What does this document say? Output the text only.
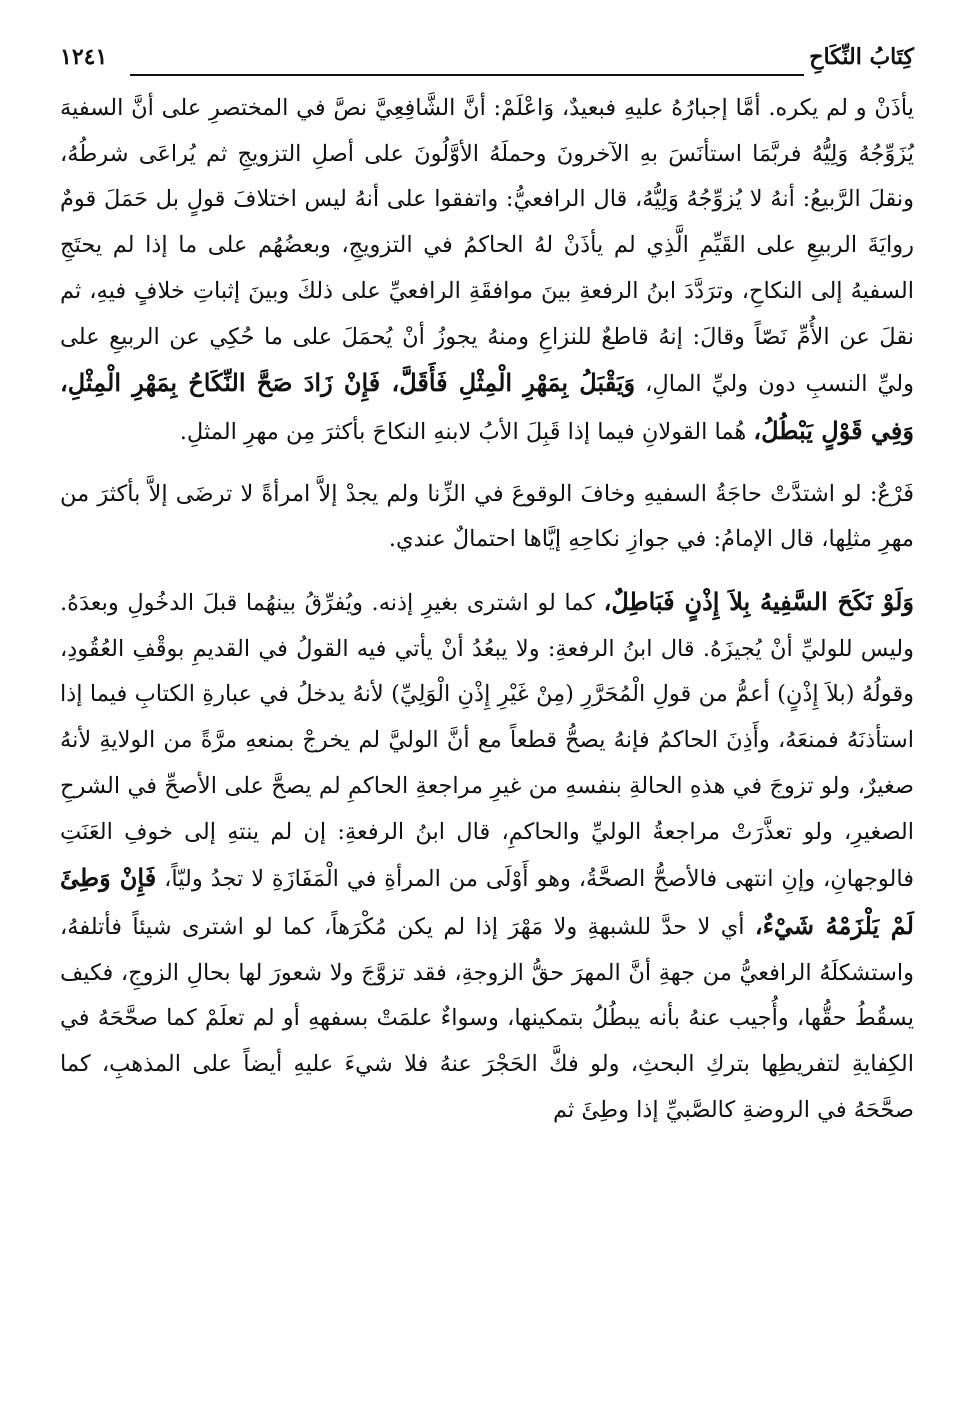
كِتَابُ النِّكَاحِ
١٢٤١

يأذَنْ و لم يكره. أمَّا إجبارُهُ عليهِ فبعيدٌ، وَاعْلَمْ: أنَّ الشَّافِعِيَّ نصَّ في المختصرِ على أنَّ السفيهَ يُزَوِّجُهُ وَلِيُّهُ فربَّمَا استأنَسَ بهِ الآخرونَ وحملَهُ الأوَّلُونَ على أصلِ التزويجِ ثم يُراعَى شرطُهُ، ونقلَ الرَّبيعُ: أنهُ لا يُزوِّجُهُ وَلِيُّهُ، قال الرافعيُّ: واتفقوا على أنهُ ليس اختلافَ قولٍ بل حَمَلَ قومٌ روايَةَ الربيعِ على القَيِّمِ الَّذِي لم يأذَنْ لهُ الحاكمُ في التزويجِ، وبعضُهُم على ما إذا لم يحتَجِ السفيهُ إلى النكاحِ، وترَدَّدَ ابنُ الرفعةِ بينَ موافقَةِ الرافعيِّ على ذلكَ وبينَ إثباتِ خلافٍ فيهِ، ثم نقلَ عن الأُمِّ نَصّاً وقالَ: إنهُ قاطعٌ للنزاعِ ومنهُ يجوزُ أنْ يُحمَلَ على ما حُكِي عن الربيعِ على وليِّ النسبِ دون وليِّ المالِ، وَيَقْبَلُ بِمَهْرِ الْمِثْلِ فَأَقَلَّ، فَإِنْ زَادَ صَحَّ النِّكَاحُ بِمَهْرِ الْمِثْلِ، وَفِي قَوْلٍ يَبْطُلُ، هُما القولانِ فيما إذا قَبِلَ الأبُ لابنهِ النكاحَ بأكثرَ مِن مهرِ المثلِ.

فَرْعٌ: لو اشتدَّتْ حاجَةُ السفيهِ وخافَ الوقوعَ في الزِّنا ولم يجدْ إلاَّ امرأةً لا ترضَى إلاَّ بأكثرَ من مهرِ مثلِها، قال الإمامُ: في جوازِ نكاحِهِ إيَّاها احتمالٌ عندي.

وَلَوْ نَكَحَ السَّفِيهُ بِلاَ إِذْنٍ فَبَاطِلٌ، كما لو اشترى بغيرِ إذنه. ويُفرِّقُ بينهُما قبلَ الدخُولِ وبعدَهُ. وليس للوليِّ أنْ يُجيزَهُ. قال ابنُ الرفعةِ: ولا يبعُدُ أنْ يأتي فيه القولُ في القديمِ بوقْفِ العُقُودِ، وقولُهُ (بلاَ إِذْنٍ) أعمُّ من قولِ الْمُحَرَّرِ (مِنْ غَيْرِ إِذْنِ الْوَلِيِّ) لأنهُ يدخلُ في عبارةِ الكتابِ فيما إذا استأذنَهُ فمنعَهُ، وأَذِنَ الحاكمُ فإنهُ يصحُّ قطعاً مع أنَّ الوليَّ لم يخرجْ بمنعهِ مرَّةً من الولايةِ لأنهُ صغيرٌ، ولو تزوجَ في هذهِ الحالةِ بنفسهِ من غيرِ مراجعةِ الحاكمِ لم يصحَّ على الأصحِّ في الشرحِ الصغيرِ، ولو تعذَّرَتْ مراجعةُ الوليِّ والحاكمِ، قال ابنُ الرفعةِ: إن لم ينتهِ إلى خوفِ العَنَتِ فالوجهانِ، وإنِ انتهى فالأصحُّ الصحَّةُ، وهو أَوْلَى من المرأةِ في الْمَفَازَةِ لا تجدُ وليّاً، فَإِنْ وَطِئَ لَمْ يَلْزَمْهُ شَيْءٌ، أي لا حدَّ للشبهةِ ولا مَهْرَ إذا لم يكن مُكْرَهاً، كما لو اشترى شيئاً فأتلفهُ، واستشكلَهُ الرافعيُّ من جهةِ أنَّ المهرَ حقُّ الزوجةِ، فقد تزوَّجَ ولا شعورَ لها بحالِ الزوجِ، فكيف يسقُطُ حقُّها، وأُجيب عنهُ بأنه يبطُلُ بتمكينها، وسواءٌ علمَتْ بسفههِ أو لم تعلَمْ كما صحَّحَهُ في الكِفايةِ لتفريطِها بتركِ البحثِ، ولو فكَّ الحَجْرَ عنهُ فلا شيءَ عليهِ أيضاً على المذهبِ، كما صحَّحَهُ في الروضةِ كالصَّبيِّ إذا وطِئَ ثم
